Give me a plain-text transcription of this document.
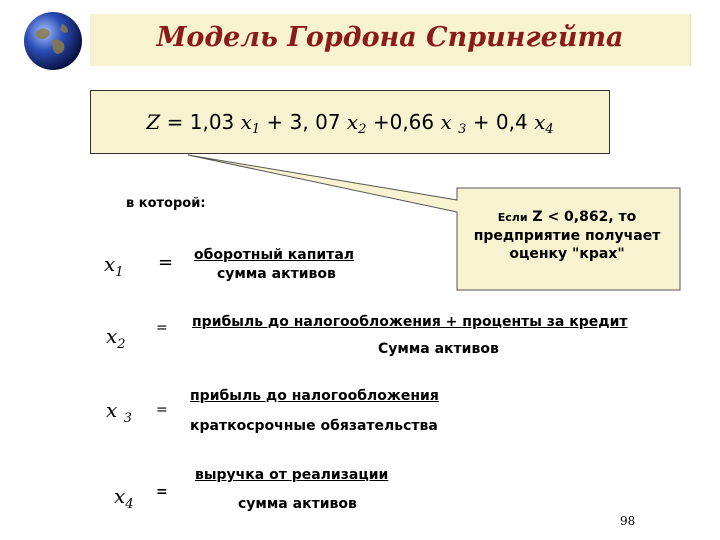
Модель Гордона Спрингейта
Z = 1,03 $x_1 + 3$, 07 $x_2 +0,66$ x $_3$ + 0,4 $x_4$
Если Z < 0,862, то
предприятие получает
оценку "крах"
в которой:
$x_1$ = оборотный капитал
сумма активов
$x_2$
= прибыль до налогообложения + проценты за кредит
Сумма активов
x $_3$
=
прибыль до налогообложения
краткосрочные обязательства
$x_4$
=
выручка от реализации
сумма активов
98
